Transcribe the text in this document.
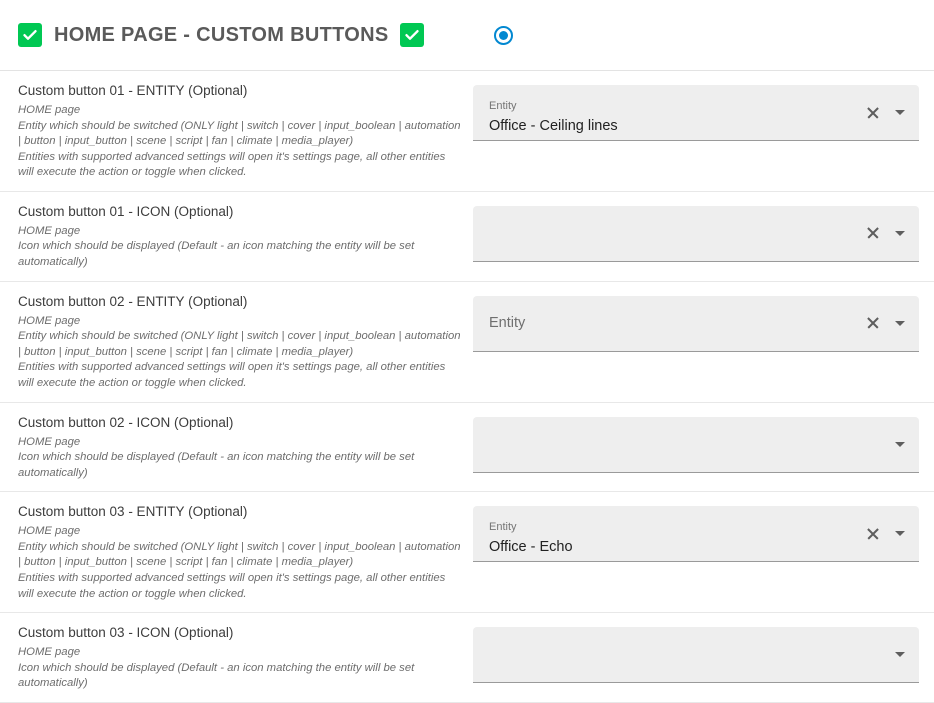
HOME PAGE - CUSTOM BUTTONS
Custom button 01 - ENTITY (Optional)
HOME page
Entity which should be switched (ONLY light | switch | cover | input_boolean | automation | button | input_button | scene | script | fan | climate | media_player)
Entities with supported advanced settings will open it's settings page, all other entities will execute the action or toggle when clicked.
Entity
Office - Ceiling lines
Custom button 01 - ICON (Optional)
HOME page
Icon which should be displayed (Default - an icon matching the entity will be set automatically)
Custom button 02 - ENTITY (Optional)
HOME page
Entity which should be switched (ONLY light | switch | cover | input_boolean | automation | button | input_button | scene | script | fan | climate | media_player)
Entities with supported advanced settings will open it's settings page, all other entities will execute the action or toggle when clicked.
Entity
Custom button 02 - ICON (Optional)
HOME page
Icon which should be displayed (Default - an icon matching the entity will be set automatically)
Custom button 03 - ENTITY (Optional)
HOME page
Entity which should be switched (ONLY light | switch | cover | input_boolean | automation | button | input_button | scene | script | fan | climate | media_player)
Entities with supported advanced settings will open it's settings page, all other entities will execute the action or toggle when clicked.
Entity
Office - Echo
Custom button 03 - ICON (Optional)
HOME page
Icon which should be displayed (Default - an icon matching the entity will be set automatically)
